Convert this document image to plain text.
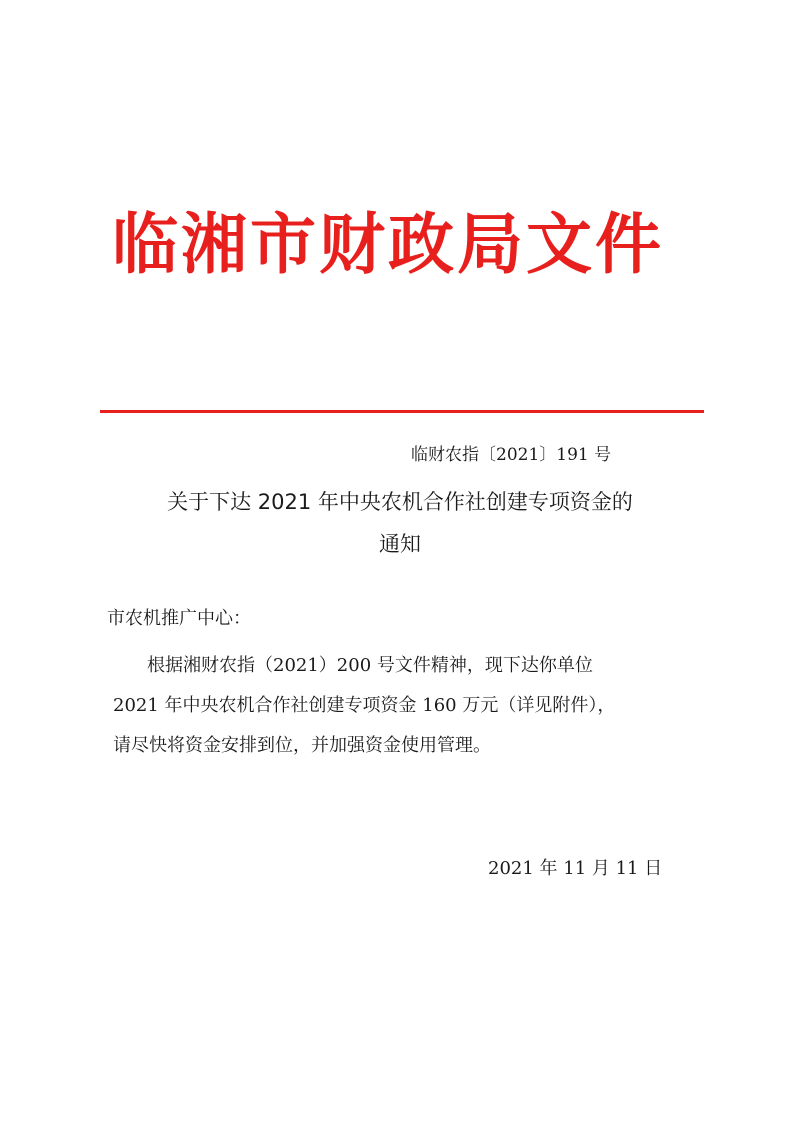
临湘市财政局文件
临财农指〔2021〕191 号
关于下达 2021 年中央农机合作社创建专项资金的
通知
市农机推广中心：

根据湘财农指（2021）200 号文件精神，现下达你单位

2021 年中央农机合作社创建专项资金 160 万元（详见附件），

请尽快将资金安排到位，并加强资金使用管理。

2021 年 11 月 11 日
